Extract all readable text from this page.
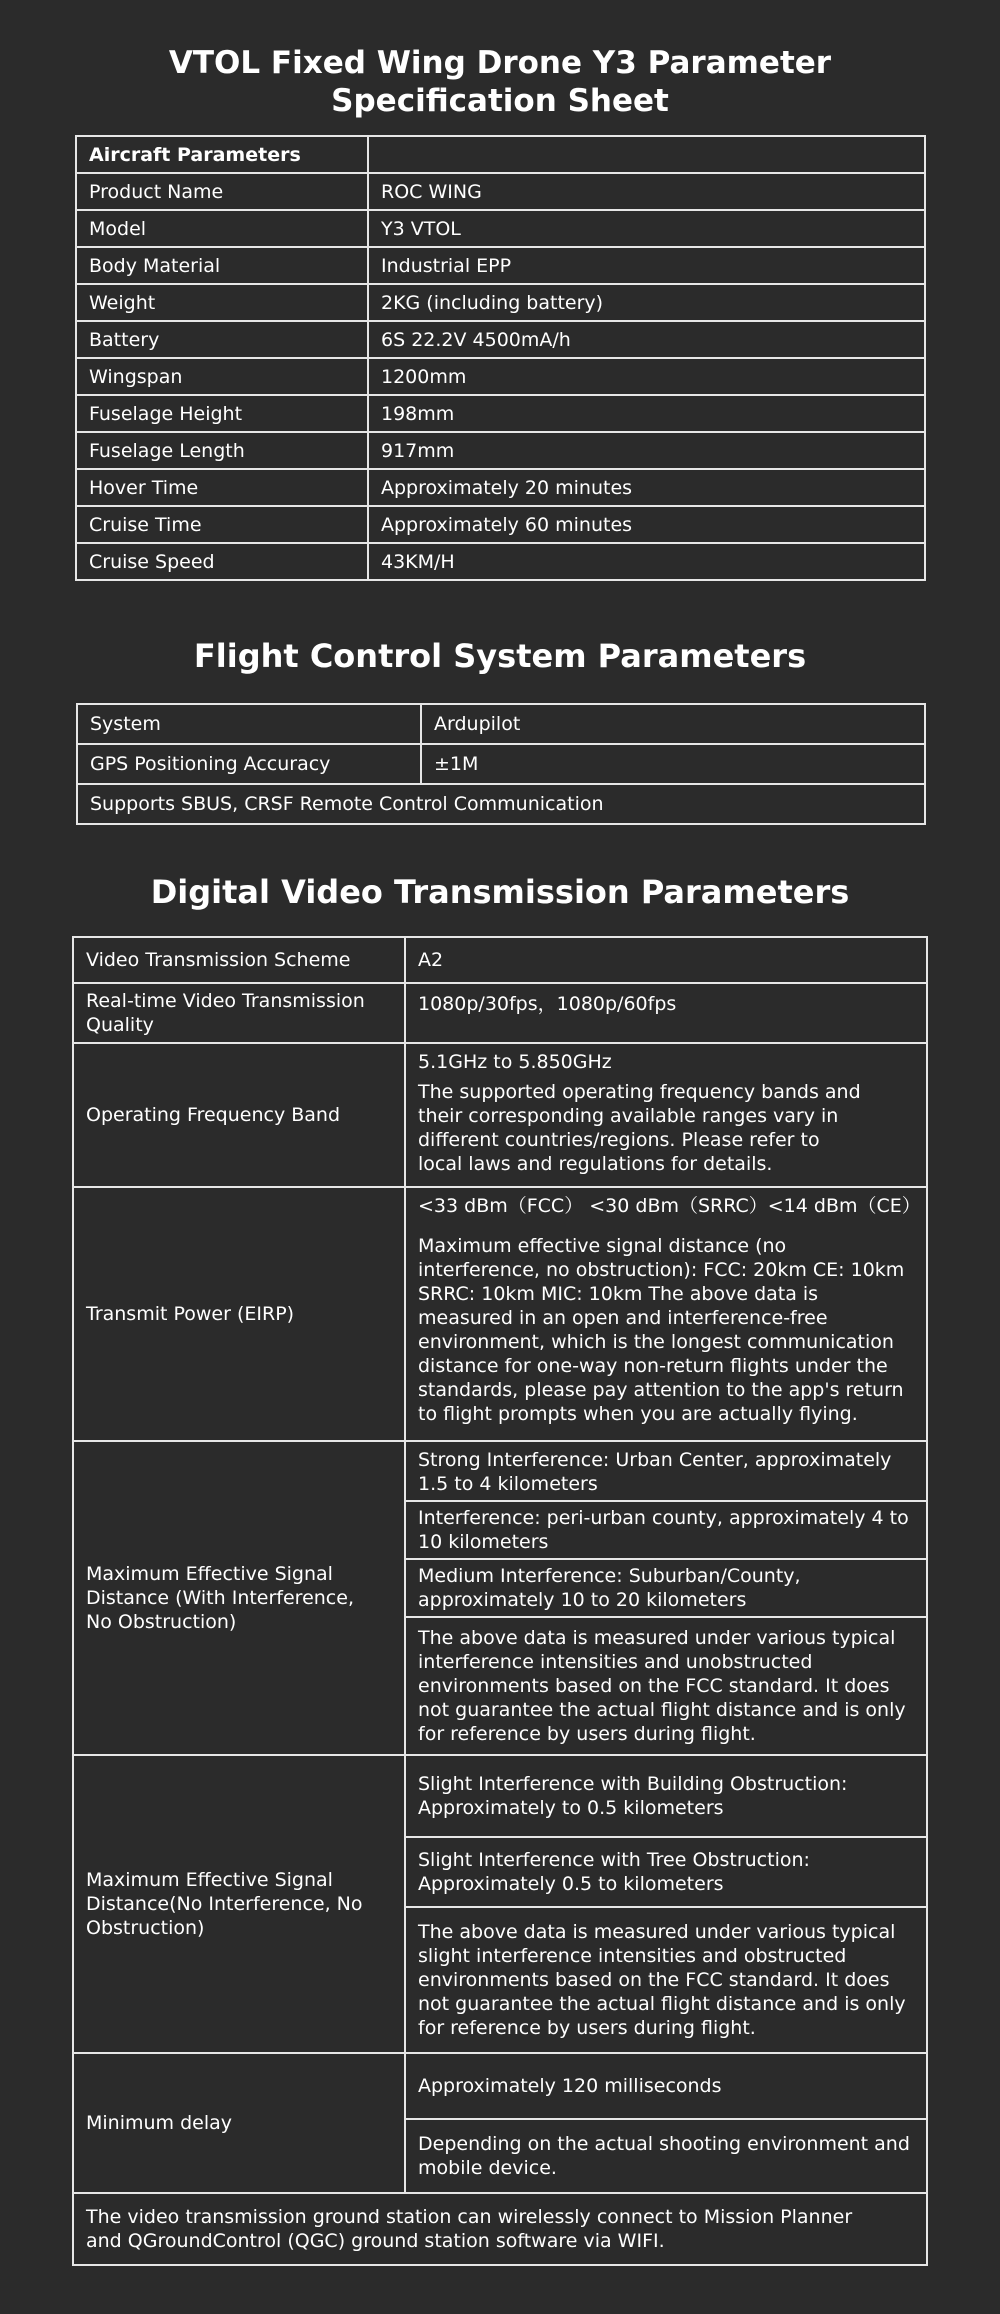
VTOL Fixed Wing Drone Y3 Parameter
Specification Sheet
Aircraft Parameters	
Product Name	ROC WING
Model	Y3 VTOL
Body Material	Industrial EPP
Weight	2KG (including battery)
Battery	6S 22.2V 4500mA/h
Wingspan	1200mm
Fuselage Height	198mm
Fuselage Length	917mm
Hover Time	Approximately 20 minutes
Cruise Time	Approximately 60 minutes
Cruise Speed	43KM/H
Flight Control System Parameters
System	Ardupilot
GPS Positioning Accuracy	±1M
Supports SBUS, CRSF Remote Control Communication	
Digital Video Transmission Parameters
Video Transmission Scheme	A2
Real-time Video Transmission Quality	1080p/30fps，1080p/60fps
Operating Frequency Band	5.1GHz to 5.850GHz

The supported operating frequency bands and their corresponding available ranges vary in different countries/regions. Please refer to local laws and regulations for details.

Transmit Power (EIRP)	<33 dBm（FCC） <30 dBm（SRRC）<14 dBm（CE）

Maximum effective signal distance (no interference, no obstruction): FCC: 20km CE: 10km SRRC: 10km MIC: 10km The above data is measured in an open and interference-free environment, which is the longest communication distance for one-way non-return flights under the standards, please pay attention to the app's return to flight prompts when you are actually flying.

Maximum Effective Signal Distance (With Interference, No Obstruction)	Strong Interference: Urban Center, approximately 1.5 to 4 kilometers
	Interference: peri-urban county, approximately 4 to 10 kilometers
	Medium Interference: Suburban/County, approximately 10 to 20 kilometers
	The above data is measured under various typical interference intensities and unobstructed environments based on the FCC standard. It does not guarantee the actual flight distance and is only for reference by users during flight.
Maximum Effective Signal Distance(No Interference, No Obstruction)	Slight Interference with Building Obstruction: Approximately to 0.5 kilometers
	Slight Interference with Tree Obstruction: Approximately 0.5 to kilometers
	The above data is measured under various typical slight interference intensities and obstructed environments based on the FCC standard. It does not guarantee the actual flight distance and is only for reference by users during flight.
Minimum delay	Approximately 120 milliseconds
	Depending on the actual shooting environment and mobile device.
The video transmission ground station can wirelessly connect to Mission Planner and QGroundControl (QGC) ground station software via WIFI.	
